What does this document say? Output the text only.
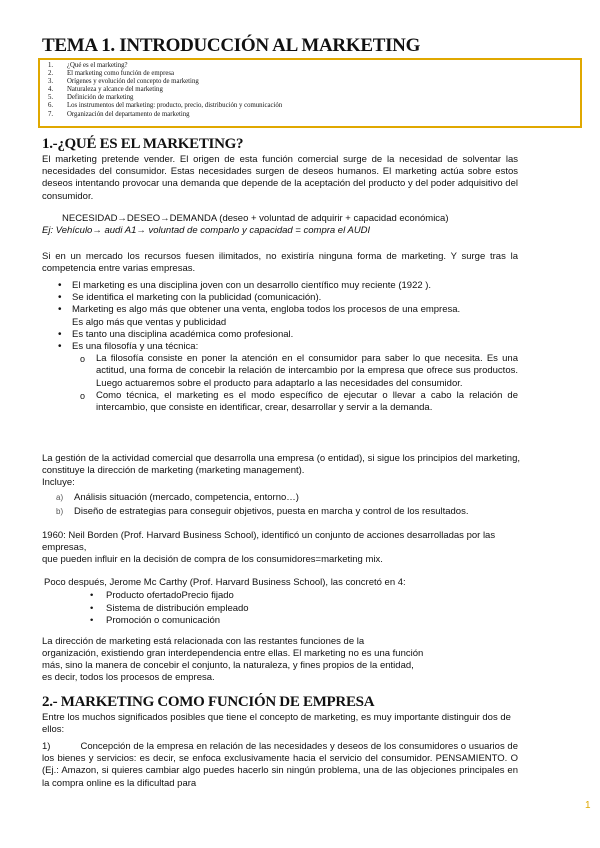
TEMA 1. INTRODUCCIÓN AL MARKETING
1. ¿Qué es el marketing?
2. El marketing como función de empresa
3. Orígenes y evolución del concepto de marketing
4. Naturaleza y alcance del marketing
5. Definición de marketing
6. Los instrumentos del marketing: producto, precio, distribución y comunicación
7. Organización del departamento de marketing
1.-¿QUÉ ES EL MARKETING?
El marketing pretende vender. El origen de esta función comercial surge de la necesidad de solventar las necesidades del consumidor. Estas necesidades surgen de deseos humanos. El marketing actúa sobre estos deseos intentando provocar una demanda que depende de la aceptación del producto y del poder adquisitivo del consumidor.
NECESIDAD→DESEO→DEMANDA (deseo + voluntad de adquirir + capacidad económica)
Ej: Vehículo→ audi A1→ voluntad de comparlo y capacidad = compra el AUDI
Si en un mercado los recursos fuesen ilimitados, no existiría ninguna forma de marketing. Y surge tras la competencia entre varias empresas.
• El marketing es una disciplina joven con un desarrollo científico muy reciente (1922 ).
• Se identifica el marketing con la publicidad (comunicación).
• Marketing es algo más que obtener una venta, engloba todos los procesos de una empresa. Es algo más que ventas y publicidad
• Es tanto una disciplina académica como profesional.
• Es una filosofía y una técnica:
o La filosofía consiste en poner la atención en el consumidor para saber lo que necesita. Es una actitud, una forma de concebir la relación de intercambio por la empresa que ofrece sus productos. Luego actuaremos sobre el producto para adaptarlo a las necesidades del consumidor.
o Como técnica, el marketing es el modo específico de ejecutar o llevar a cabo la relación de intercambio, que consiste en identificar, crear, desarrollar y servir a la demanda.
La gestión de la actividad comercial que desarrolla una empresa (o entidad), si sigue los principios del marketing, constituye la dirección de marketing (marketing management).
Incluye:
a) Análisis situación (mercado, competencia, entorno…)
b) Diseño de estrategias para conseguir objetivos, puesta en marcha y control de los resultados.
1960: Neil Borden (Prof. Harvard Business School), identificó un conjunto de acciones desarrolladas por las empresas,
que pueden influir en la decisión de compra de los consumidores=marketing mix.
Poco después, Jerome Mc Carthy (Prof. Harvard Business School), las concretó en 4:
• Producto ofertadoPrecio fijado
• Sistema de distribución empleado
• Promoción o comunicación
La dirección de marketing está relacionada con las restantes funciones de la
organización, existiendo gran interdependencia entre ellas. El marketing no es una función
más, sino la manera de concebir el conjunto, la naturaleza, y fines propios de la entidad,
es decir, todos los procesos de empresa.
2.- MARKETING COMO FUNCIÓN DE EMPRESA
Entre los muchos significados posibles que tiene el concepto de marketing, es muy importante distinguir dos de ellos:
1)	Concepción de la empresa en relación de las necesidades y deseos de los consumidores o usuarios de los bienes y servicios: es decir, se enfoca exclusivamente hacia el servicio del consumidor. PENSAMIENTO. O (Ej.: Amazon, si quieres cambiar algo puedes hacerlo sin ningún problema, una de las objeciones principales en la compra online es la dificultad para
1
